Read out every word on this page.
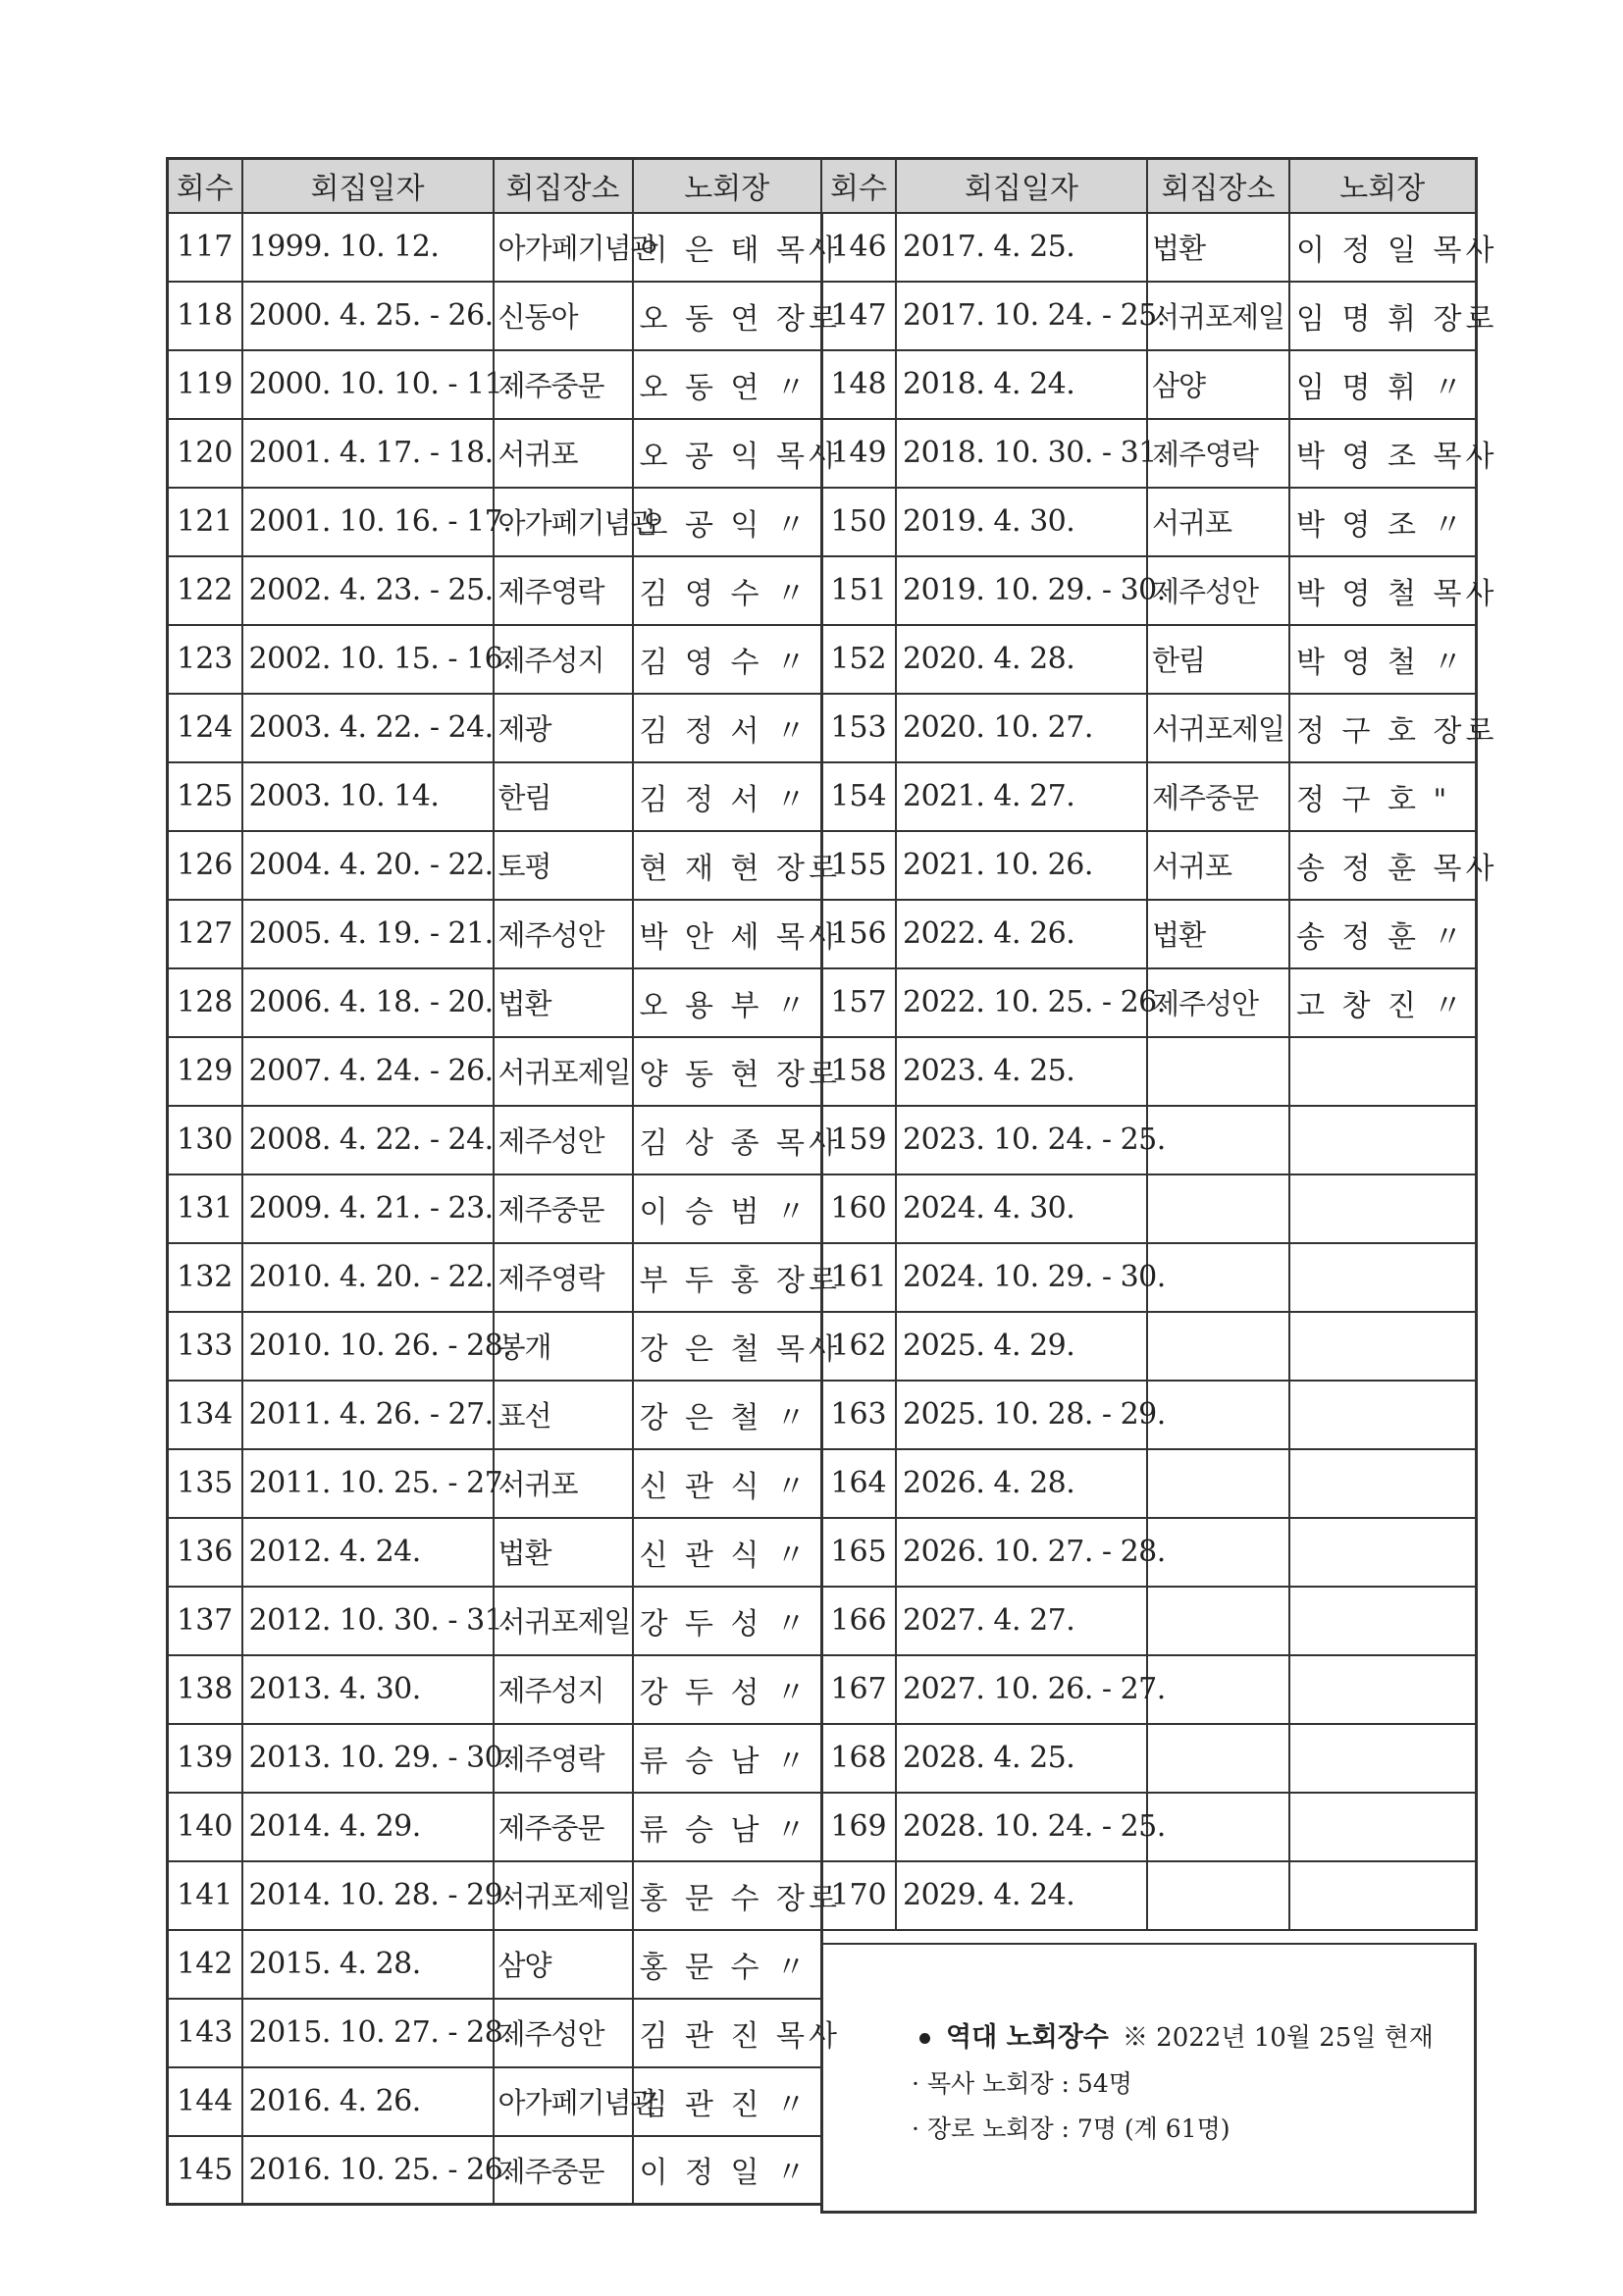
회수	회집일자	회집장소	노회장
117	1999. 10. 12.	아가페기념관	이 은 태 목사
118	2000. 4. 25. - 26.	신동아	오 동 연 장로
119	2000. 10. 10. - 11.	제주중문	오 동 연 〃
120	2001. 4. 17. - 18.	서귀포	오 공 익 목사
121	2001. 10. 16. - 17.	아가페기념관	오 공 익 〃
122	2002. 4. 23. - 25.	제주영락	김 영 수 〃
123	2002. 10. 15. - 16.	제주성지	김 영 수 〃
124	2003. 4. 22. - 24.	제광	김 정 서 〃
125	2003. 10. 14.	한림	김 정 서 〃
126	2004. 4. 20. - 22.	토평	현 재 현 장로
127	2005. 4. 19. - 21.	제주성안	박 안 세 목사
128	2006. 4. 18. - 20.	법환	오 용 부 〃
129	2007. 4. 24. - 26.	서귀포제일	양 동 현 장로
130	2008. 4. 22. - 24.	제주성안	김 상 종 목사
131	2009. 4. 21. - 23.	제주중문	이 승 범 〃
132	2010. 4. 20. - 22.	제주영락	부 두 홍 장로
133	2010. 10. 26. - 28.	봉개	강 은 철 목사
134	2011. 4. 26. - 27.	표선	강 은 철 〃
135	2011. 10. 25. - 27.	서귀포	신 관 식 〃
136	2012. 4. 24.	법환	신 관 식 〃
137	2012. 10. 30. - 31.	서귀포제일	강 두 성 〃
138	2013. 4. 30.	제주성지	강 두 성 〃
139	2013. 10. 29. - 30.	제주영락	류 승 남 〃
140	2014. 4. 29.	제주중문	류 승 남 〃
141	2014. 10. 28. - 29.	서귀포제일	홍 문 수 장로
142	2015. 4. 28.	삼양	홍 문 수 〃
143	2015. 10. 27. - 28.	제주성안	김 관 진 목사
144	2016. 4. 26.	아가페기념관	김 관 진 〃
145	2016. 10. 25. - 26.	제주중문	이 정 일 〃
회수	회집일자	회집장소	노회장
146	2017. 4. 25.	법환	이 정 일 목사
147	2017. 10. 24. - 25.	서귀포제일	임 명 휘 장로
148	2018. 4. 24.	삼양	임 명 휘 〃
149	2018. 10. 30. - 31.	제주영락	박 영 조 목사
150	2019. 4. 30.	서귀포	박 영 조 〃
151	2019. 10. 29. - 30.	제주성안	박 영 철 목사
152	2020. 4. 28.	한림	박 영 철 〃
153	2020. 10. 27.	서귀포제일	정 구 호 장로
154	2021. 4. 27.	제주중문	정 구 호 "
155	2021. 10. 26.	서귀포	송 정 훈 목사
156	2022. 4. 26.	법환	송 정 훈 〃
157	2022. 10. 25. - 26.	제주성안	고 창 진 〃
158	2023. 4. 25.		
159	2023. 10. 24. - 25.		
160	2024. 4. 30.		
161	2024. 10. 29. - 30.		
162	2025. 4. 29.		
163	2025. 10. 28. - 29.		
164	2026. 4. 28.		
165	2026. 10. 27. - 28.		
166	2027. 4. 27.		
167	2027. 10. 26. - 27.		
168	2028. 4. 25.		
169	2028. 10. 24. - 25.		
170	2029. 4. 24.		
역대 노회장수 ※ 2022년 10월 25일 현재
· 목사 노회장 : 54명
· 장로 노회장 : 7명 (계 61명)
